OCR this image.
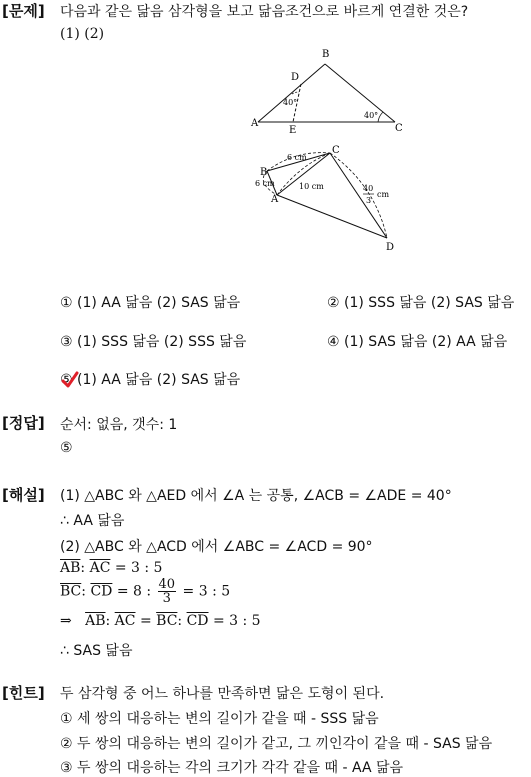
[문제] 다음과 같은 닮음 삼각형을 보고 닮음조건으로 바르게 연결한 것은?
(1) (2)
A
B
C
D
E
40°
40°
A
B
C
D
6 cm
6 cm	10 cm	40
3
cm
① (1) AA 닮음 (2) SAS 닮음	② (1) SSS 닮음 (2) SAS 닮음
③ (1) SSS 닮음 (2) SSS 닮음	④ (1) SAS 닮음 (2) AA 닮음
⑤ (1) AA 닮음 (2) SAS 닮음
[정답] 순서: 없음, 갯수: 1
⑤
[해설] (1) △ABC 와 △AED 에서 ∠A 는 공통, ∠ACB = ∠ADE = 40°
∴ AA 닮음
(2) △ABC 와 △ACD 에서 ∠ABC = ∠ACD = 90°
$\overline{AB}$: $\overline{AC} = 3$ : 5
$\overline{BC}$: $\overline{CD} = 8$ : $\frac{40}{3} = 3$ : 5
⇒ $\overline{AB}$: $\overline{AC} = \overline{BC}$: $\overline{CD} = 3$ : 5
∴ SAS 닮음
[힌트] 두 삼각형 중 어느 하나를 만족하면 닮은 도형이 된다.
① 세 쌍의 대응하는 변의 길이가 같을 때 - SSS 닮음
② 두 쌍의 대응하는 변의 길이가 같고, 그 끼인각이 같을 때 - SAS 닮음
③ 두 쌍의 대응하는 각의 크기가 각각 같을 때 - AA 닮음
